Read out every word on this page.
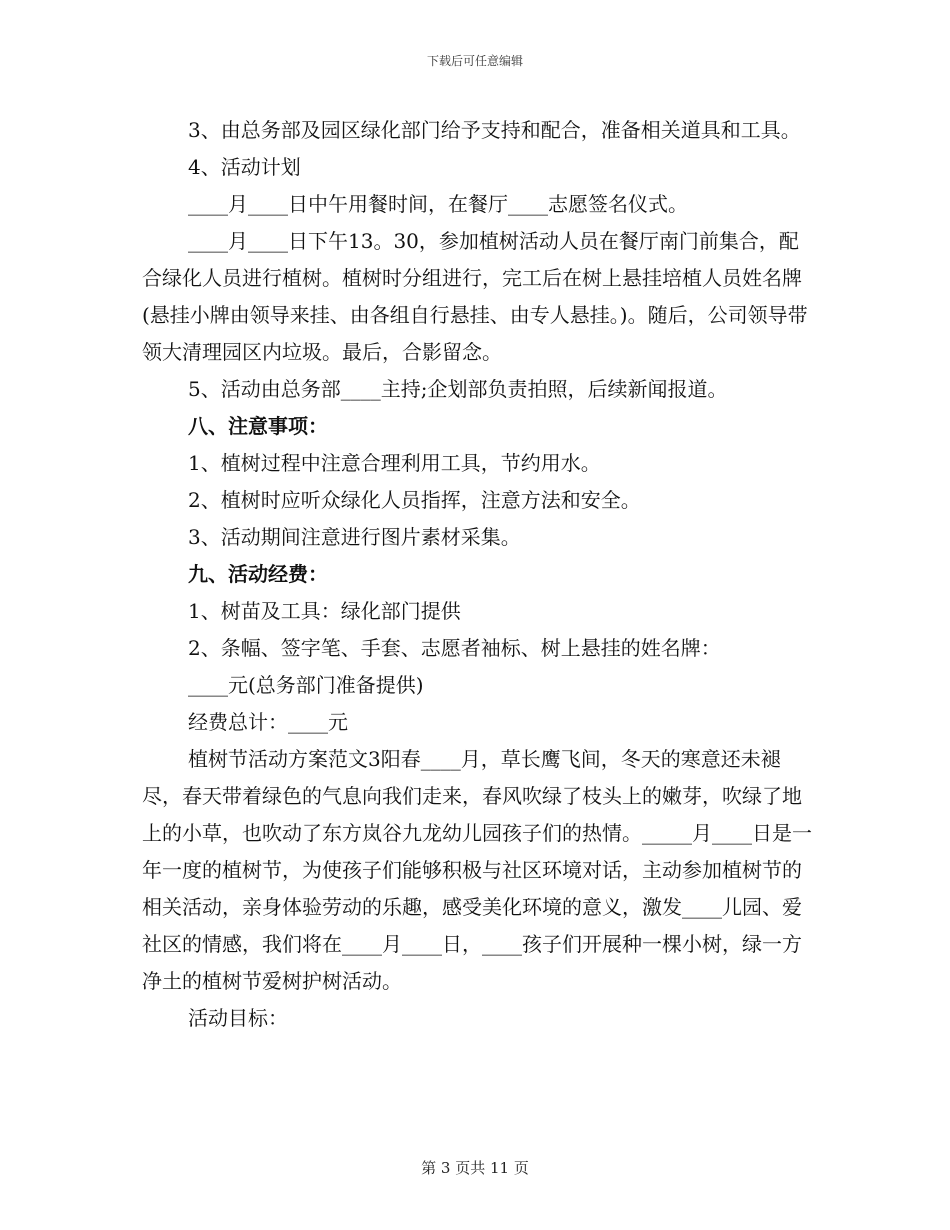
下载后可任意编辑

3、由总务部及园区绿化部门给予支持和配合，准备相关道具和工具。

4、活动计划

____月____日中午用餐时间，在餐厅____志愿签名仪式。

____月____日下午13。30，参加植树活动人员在餐厅南门前集合，配合绿化人员进行植树。植树时分组进行，完工后在树上悬挂培植人员姓名牌(悬挂小牌由领导来挂、由各组自行悬挂、由专人悬挂。)。随后，公司领导带领大清理园区内垃圾。最后，合影留念。

5、活动由总务部____主持;企划部负责拍照，后续新闻报道。

八、注意事项：

1、植树过程中注意合理利用工具，节约用水。

2、植树时应听众绿化人员指挥，注意方法和安全。

3、活动期间注意进行图片素材采集。

九、活动经费：

1、树苗及工具：绿化部门提供

2、条幅、签字笔、手套、志愿者袖标、树上悬挂的姓名牌：

____元(总务部门准备提供)

经费总计：____元

植树节活动方案范文3阳春____月，草长鹰飞间，冬天的寒意还未褪尽，春天带着绿色的气息向我们走来，春风吹绿了枝头上的嫩芽，吹绿了地上的小草，也吹动了东方岚谷九龙幼儿园孩子们的热情。_____月____日是一年一度的植树节，为使孩子们能够积极与社区环境对话，主动参加植树节的相关活动，亲身体验劳动的乐趣，感受美化环境的意义，激发____儿园、爱社区的情感，我们将在____月____日，____孩子们开展种一棵小树，绿一方净土的植树节爱树护树活动。

活动目标：

第 3 页共 11 页
